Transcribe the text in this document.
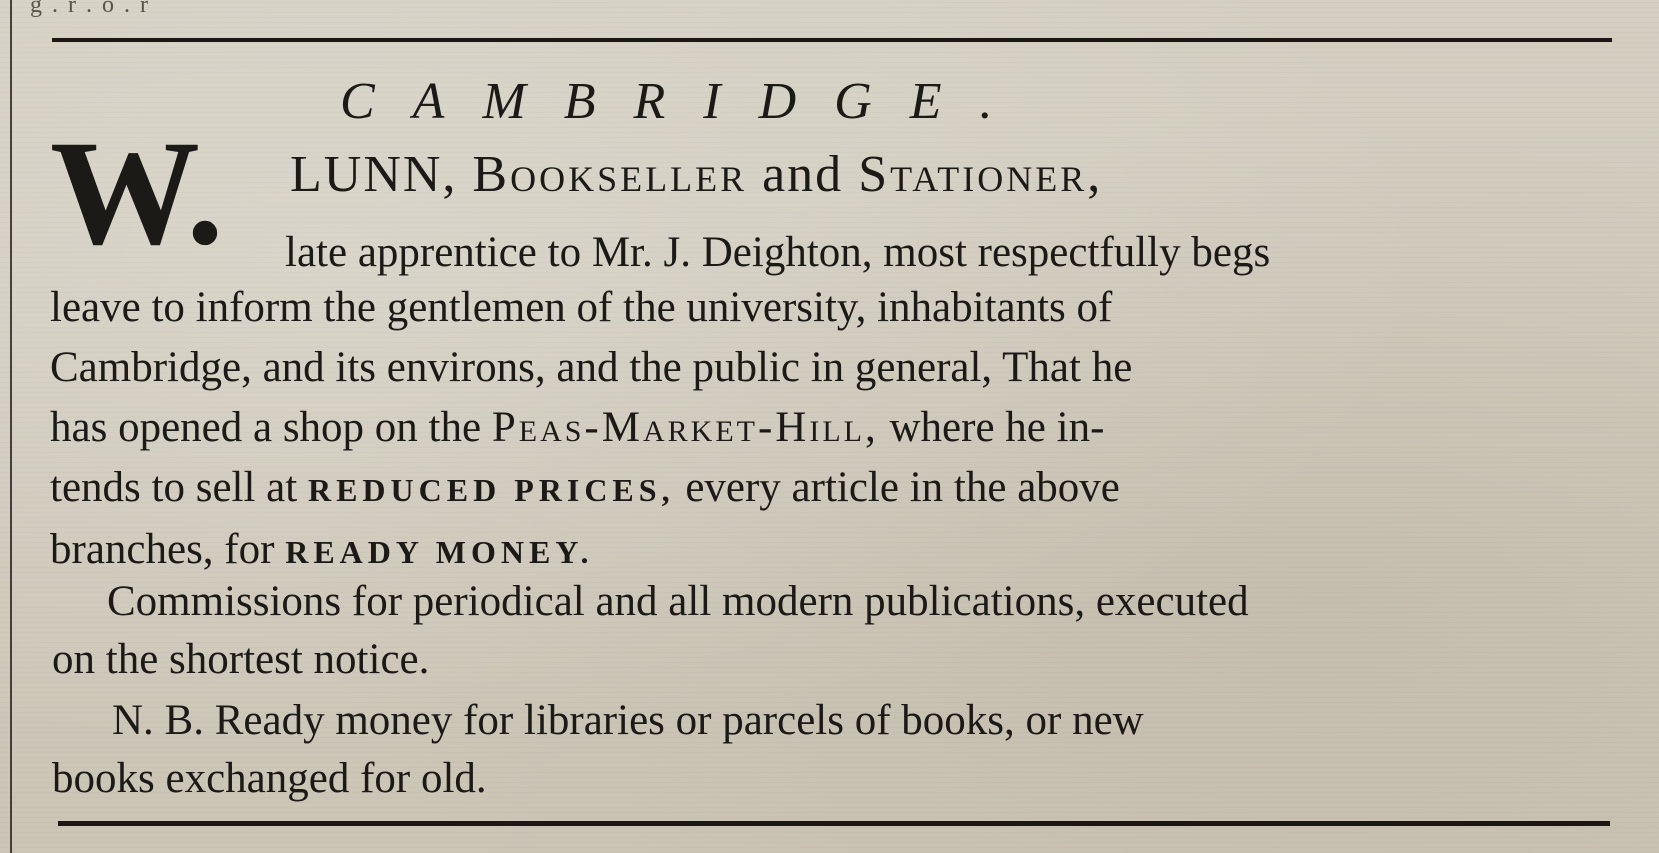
g . r . o . r
CAMBRIDGE.
W. LUNN, Bookseller and Stationer,
late apprentice to Mr. J. Deighton, most respectfully begs
leave to inform the gentlemen of the university, inhabitants of
Cambridge, and its environs, and the public in general, That he
has opened a shop on the Peas-Market-Hill, where he in-
tends to sell at REDUCED PRICES, every article in the above
branches, for READY MONEY.
Commissions for periodical and all modern publications, executed
on the shortest notice.
N. B. Ready money for libraries or parcels of books, or new
books exchanged for old.
